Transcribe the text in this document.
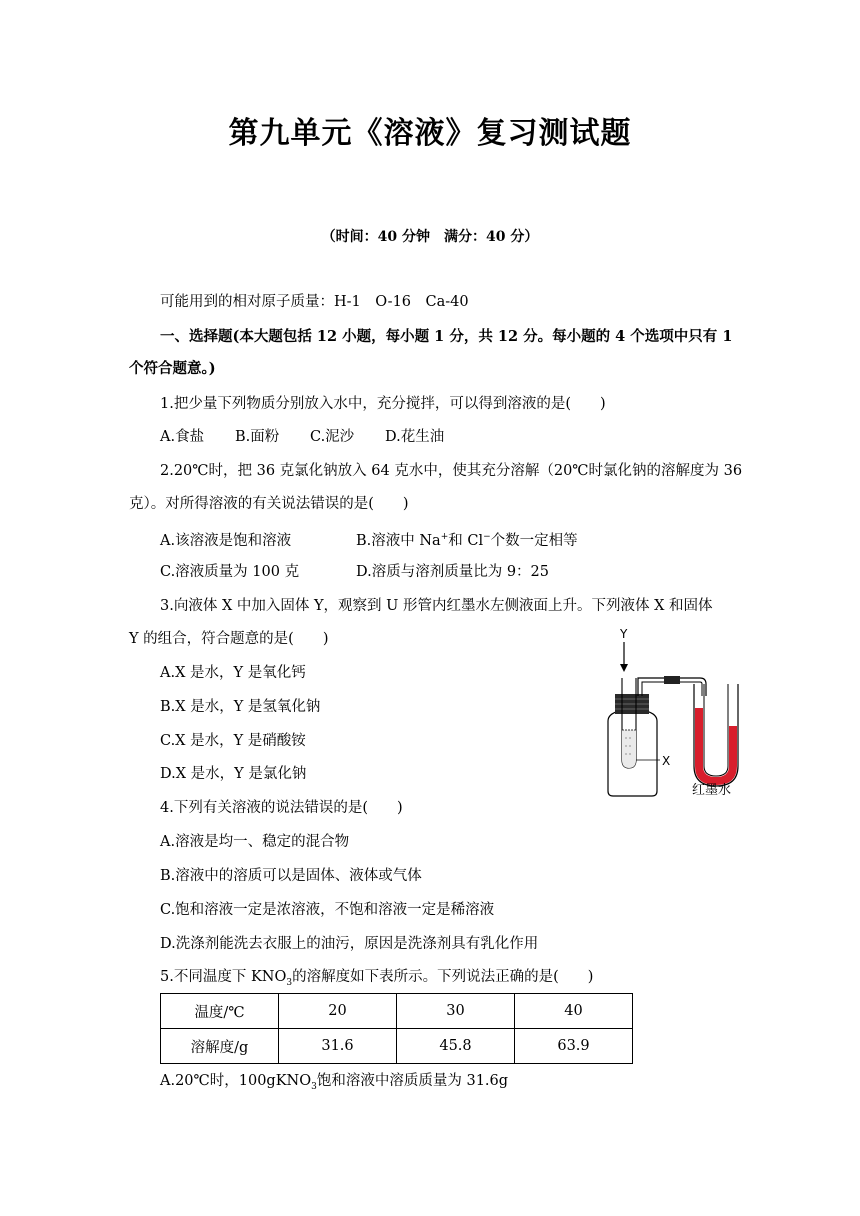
第九单元《溶液》复习测试题
（时间：40 分钟　满分：40 分）
可能用到的相对原子质量：H-1　O-16　Ca-40
一、选择题(本大题包括 12 小题，每小题 1 分，共 12 分。每小题的 4 个选项中只有 1
个符合题意。)
1.把少量下列物质分别放入水中，充分搅拌，可以得到溶液的是(　　)
A.食盐 B.面粉 C.泥沙 D.花生油
2.20℃时，把 36 克氯化钠放入 64 克水中，使其充分溶解（20℃时氯化钠的溶解度为 36
克）。对所得溶液的有关说法错误的是(　　)
A.该溶液是饱和溶液	B.溶液中 Na+和 Cl−个数一定相等
C.溶液质量为 100 克	D.溶质与溶剂质量比为 9：25
3.向液体 X 中加入固体 Y，观察到 U 形管内红墨水左侧液面上升。下列液体 X 和固体
Y 的组合，符合题意的是(　　)
A.X 是水，Y 是氧化钙
B.X 是水，Y 是氢氧化钠
C.X 是水，Y 是硝酸铵
D.X 是水，Y 是氯化钠
Y
X
红墨水
4.下列有关溶液的说法错误的是(　　)
A.溶液是均一、稳定的混合物
B.溶液中的溶质可以是固体、液体或气体
C.饱和溶液一定是浓溶液，不饱和溶液一定是稀溶液
D.洗涤剂能洗去衣服上的油污，原因是洗涤剂具有乳化作用
5.不同温度下 $KNO_3$的溶解度如下表所示。下列说法正确的是(　　)
温度/℃	20	30	40
溶解度/g	31.6	45.8	63.9
A.20℃时，100gKNO$_3$饱和溶液中溶质质量为 31.6g
